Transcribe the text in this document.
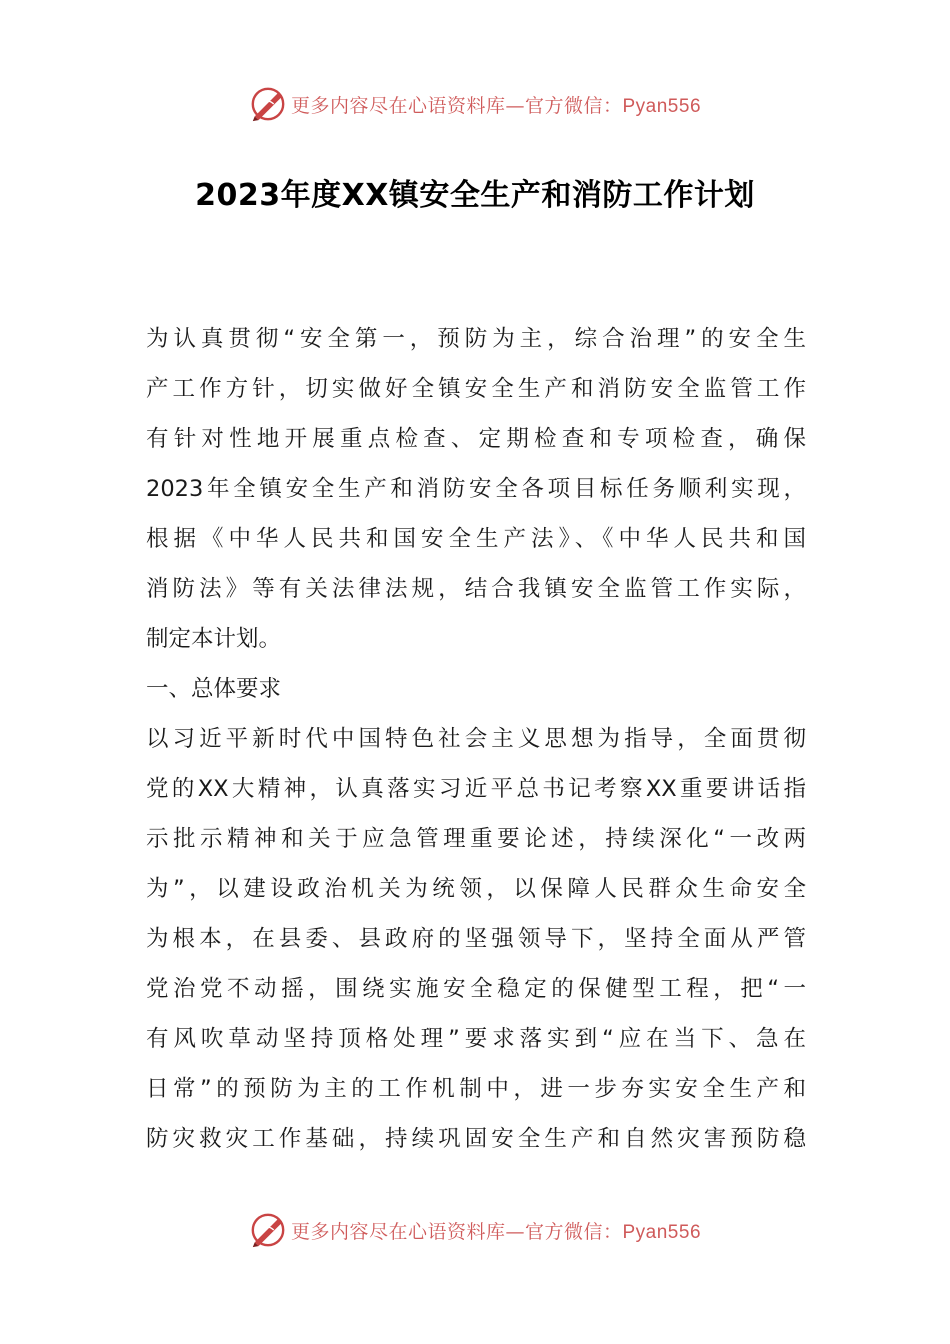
更多内容尽在心语资料库—官方微信：Pyan556
2023年度XX镇安全生产和消防工作计划
为认真贯彻“安全第一，预防为主，综合治理”的安全生
产工作方针，切实做好全镇安全生产和消防安全监管工作
有针对性地开展重点检查、定期检查和专项检查，确保
2023年全镇安全生产和消防安全各项目标任务顺利实现，
根据《中华人民共和国安全生产法》、《中华人民共和国
消防法》等有关法律法规，结合我镇安全监管工作实际，
制定本计划。
一、总体要求
以习近平新时代中国特色社会主义思想为指导，全面贯彻
党的XX大精神，认真落实习近平总书记考察XX重要讲话指
示批示精神和关于应急管理重要论述，持续深化“一改两
为”，以建设政治机关为统领，以保障人民群众生命安全
为根本，在县委、县政府的坚强领导下，坚持全面从严管
党治党不动摇，围绕实施安全稳定的保健型工程，把“一
有风吹草动坚持顶格处理”要求落实到“应在当下、急在
日常”的预防为主的工作机制中，进一步夯实安全生产和
防灾救灾工作基础，持续巩固安全生产和自然灾害预防稳
更多内容尽在心语资料库—官方微信：Pyan556
